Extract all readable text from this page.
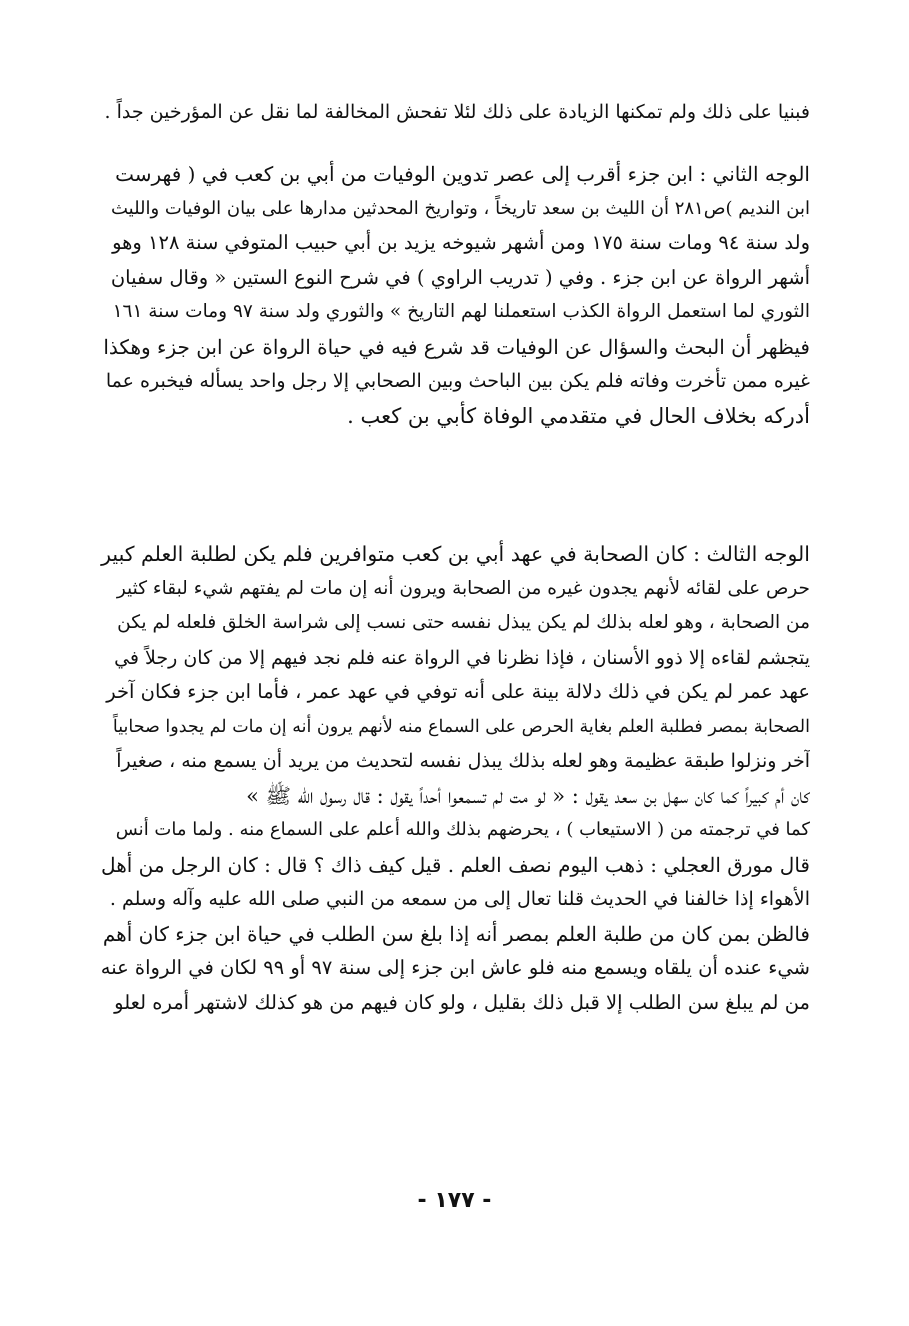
فبنيا على ذلك ولم تمكنها الزيادة على ذلك لئلا تفحش المخالفة لما نقل عن المؤرخين جداً .
الوجه الثاني : ابن جزء أقرب إلى عصر تدوين الوفيات من أبي بن كعب في ( فهرست
ابن النديم )ص٢٨١ أن الليث بن سعد تاريخاً ، وتواريخ المحدثين مدارها على بيان الوفيات والليث
ولد سنة ٩٤ ومات سنة ١٧٥ ومن أشهر شيوخه يزيد بن أبي حبيب المتوفي سنة ١٢٨ وهو
أشهر الرواة عن ابن جزء . وفي ( تدريب الراوي ) في شرح النوع الستين « وقال سفيان
الثوري لما استعمل الرواة الكذب استعملنا لهم التاريخ » والثوري ولد سنة ٩٧ ومات سنة ١٦١
فيظهر أن البحث والسؤال عن الوفيات قد شرع فيه في حياة الرواة عن ابن جزء وهكذا
غيره ممن تأخرت وفاته فلم يكن بين الباحث وبين الصحابي إلا رجل واحد يسأله فيخبره عما
أدركه بخلاف الحال في متقدمي الوفاة كأبي بن كعب .
الوجه الثالث : كان الصحابة في عهد أبي بن كعب متوافرين فلم يكن لطلبة العلم كبير
حرص على لقائه لأنهم يجدون غيره من الصحابة ويرون أنه إن مات لم يفتهم شيء لبقاء كثير
من الصحابة ، وهو لعله بذلك لم يكن يبذل نفسه حتى نسب إلى شراسة الخلق فلعله لم يكن
يتجشم لقاءه إلا ذوو الأسنان ، فإذا نظرنا في الرواة عنه فلم نجد فيهم إلا من كان رجلاً في
عهد عمر لم يكن في ذلك دلالة بينة على أنه توفي في عهد عمر ، فأما ابن جزء فكان آخر
الصحابة بمصر فطلبة العلم بغاية الحرص على السماع منه لأنهم يرون أنه إن مات لم يجدوا صحابياً
آخر ونزلوا طبقة عظيمة وهو لعله بذلك يبذل نفسه لتحديث من يريد أن يسمع منه ، صغيراً
كان أم كبيراً كما كان سهل بن سعد يقول : « لو مت لم تسمعوا أحداً يقول : قال رسول الله ﷺ »
كما في ترجمته من ( الاستيعاب ) ، يحرضهم بذلك والله أعلم على السماع منه . ولما مات أنس
قال مورق العجلي : ذهب اليوم نصف العلم . قيل كيف ذاك ؟ قال : كان الرجل من أهل
الأهواء إذا خالفنا في الحديث قلنا تعال إلى من سمعه من النبي صلى الله عليه وآله وسلم .
فالظن بمن كان من طلبة العلم بمصر أنه إذا بلغ سن الطلب في حياة ابن جزء كان أهم
شيء عنده أن يلقاه ويسمع منه فلو عاش ابن جزء إلى سنة ٩٧ أو ٩٩ لكان في الرواة عنه
من لم يبلغ سن الطلب إلا قبل ذلك بقليل ، ولو كان فيهم من هو كذلك لاشتهر أمره لعلو
- ١٧٧ -
